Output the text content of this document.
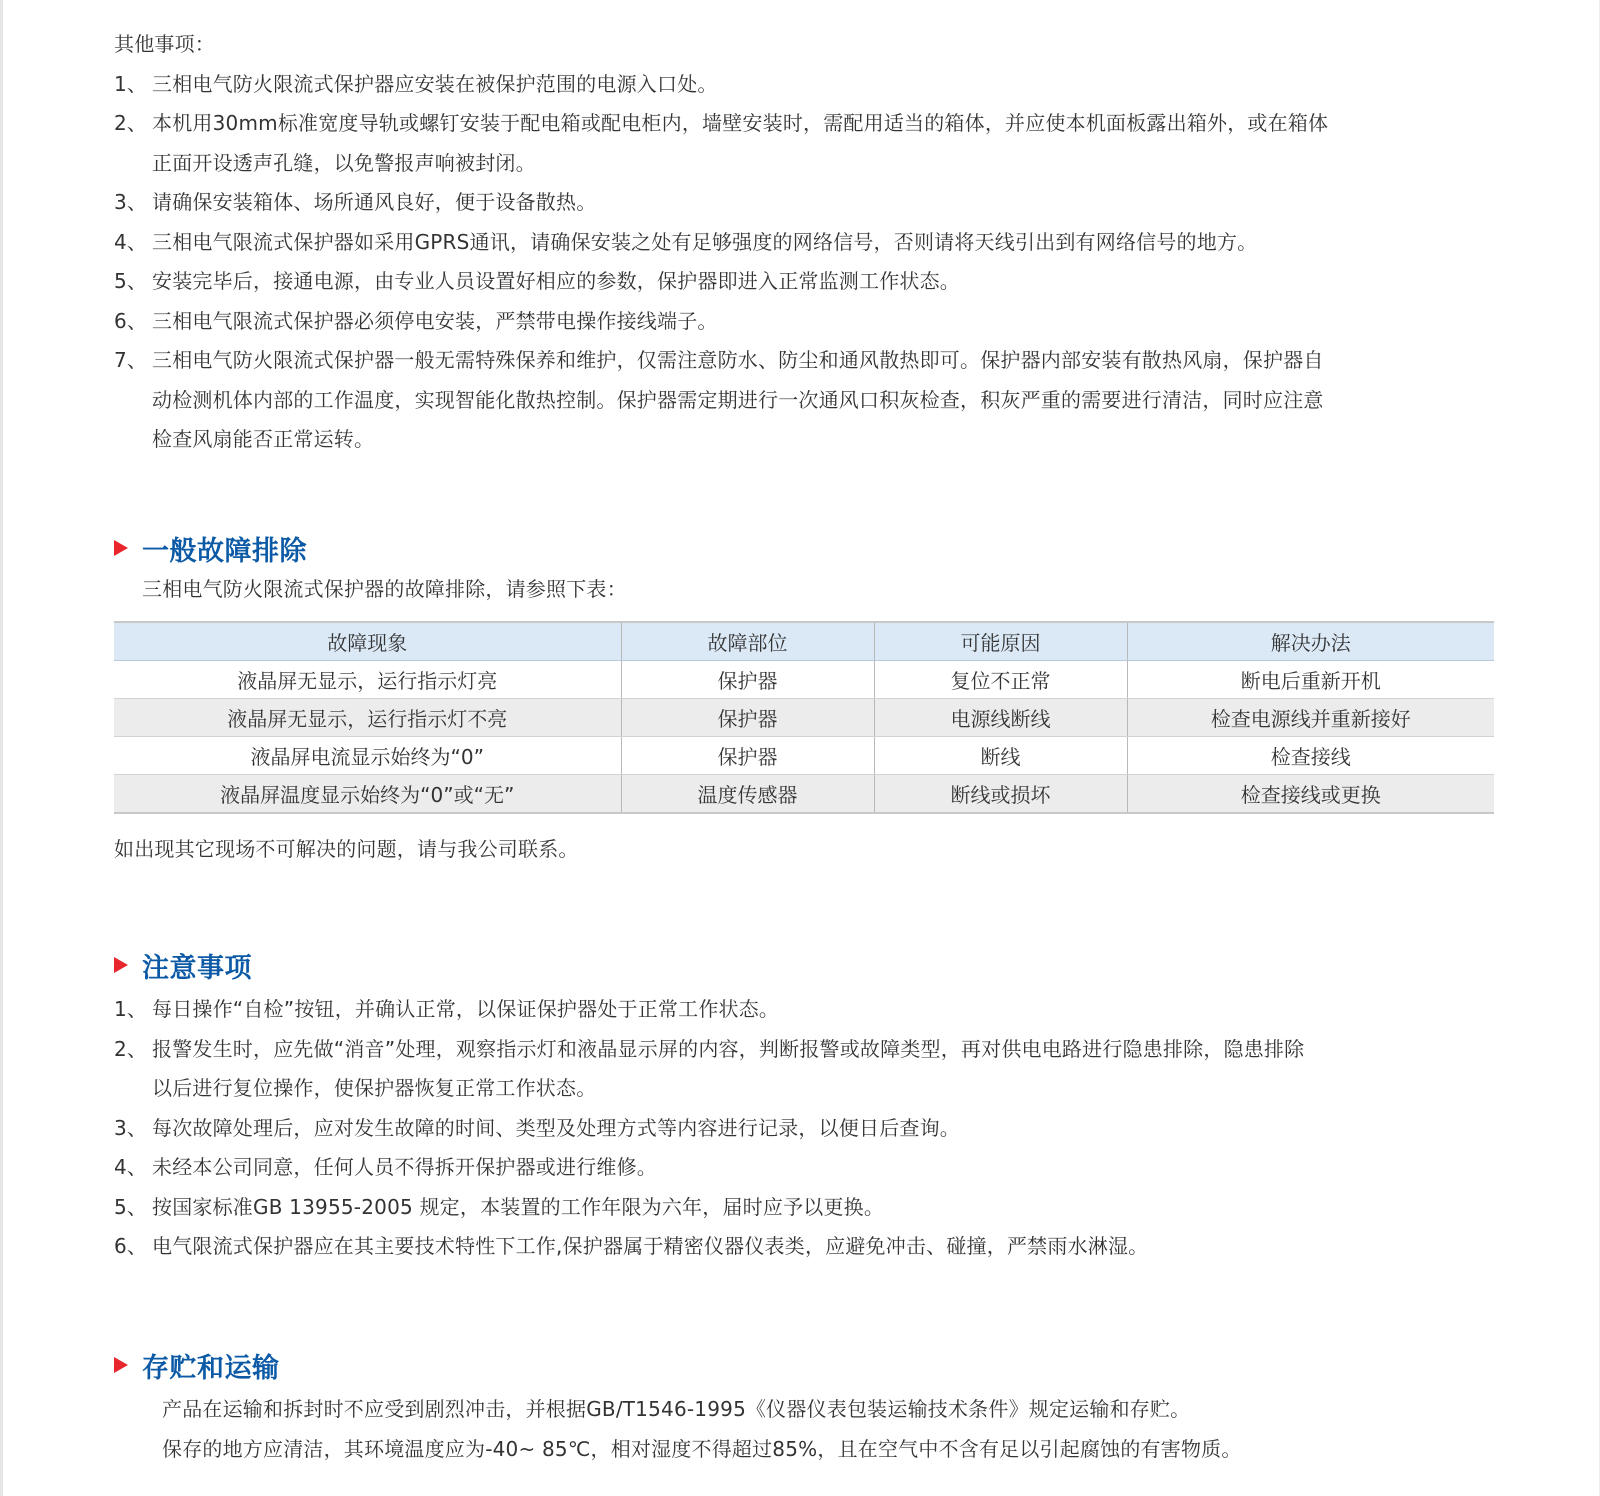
其他事项：
1、 三相电气防火限流式保护器应安装在被保护范围的电源入口处。
2、 本机用30mm标准宽度导轨或螺钉安装于配电箱或配电柜内，墙壁安装时，需配用适当的箱体，并应使本机面板露出箱外，或在箱体
正面开设透声孔缝，以免警报声响被封闭。
3、 请确保安装箱体、场所通风良好，便于设备散热。
4、 三相电气限流式保护器如采用GPRS通讯，请确保安装之处有足够强度的网络信号，否则请将天线引出到有网络信号的地方。
5、 安装完毕后，接通电源，由专业人员设置好相应的参数，保护器即进入正常监测工作状态。
6、 三相电气限流式保护器必须停电安装，严禁带电操作接线端子。
7、 三相电气防火限流式保护器一般无需特殊保养和维护，仅需注意防水、防尘和通风散热即可。保护器内部安装有散热风扇，保护器自
动检测机体内部的工作温度，实现智能化散热控制。保护器需定期进行一次通风口积灰检查，积灰严重的需要进行清洁，同时应注意
检查风扇能否正常运转。
一般故障排除
三相电气防火限流式保护器的故障排除，请参照下表：
故障现象	故障部位	可能原因	解决办法
液晶屏无显示，运行指示灯亮	保护器	复位不正常	断电后重新开机
液晶屏无显示，运行指示灯不亮	保护器	电源线断线	检查电源线并重新接好
液晶屏电流显示始终为“0”	保护器	断线	检查接线
液晶屏温度显示始终为“0”或“无”	温度传感器	断线或损坏	检查接线或更换
如出现其它现场不可解决的问题，请与我公司联系。
注意事项
1、 每日操作“自检”按钮，并确认正常，以保证保护器处于正常工作状态。
2、 报警发生时，应先做“消音”处理，观察指示灯和液晶显示屏的内容，判断报警或故障类型，再对供电电路进行隐患排除，隐患排除
以后进行复位操作，使保护器恢复正常工作状态。
3、 每次故障处理后，应对发生故障的时间、类型及处理方式等内容进行记录，以便日后查询。
4、 未经本公司同意，任何人员不得拆开保护器或进行维修。
5、 按国家标准GB 13955-2005 规定，本装置的工作年限为六年，届时应予以更换。
6、 电气限流式保护器应在其主要技术特性下工作,保护器属于精密仪器仪表类，应避免冲击、碰撞，严禁雨水淋湿。
存贮和运输
产品在运输和拆封时不应受到剧烈冲击，并根据GB/T1546-1995《仪器仪表包装运输技术条件》规定运输和存贮。
保存的地方应清洁，其环境温度应为-40~ 85℃，相对湿度不得超过85%，且在空气中不含有足以引起腐蚀的有害物质。
